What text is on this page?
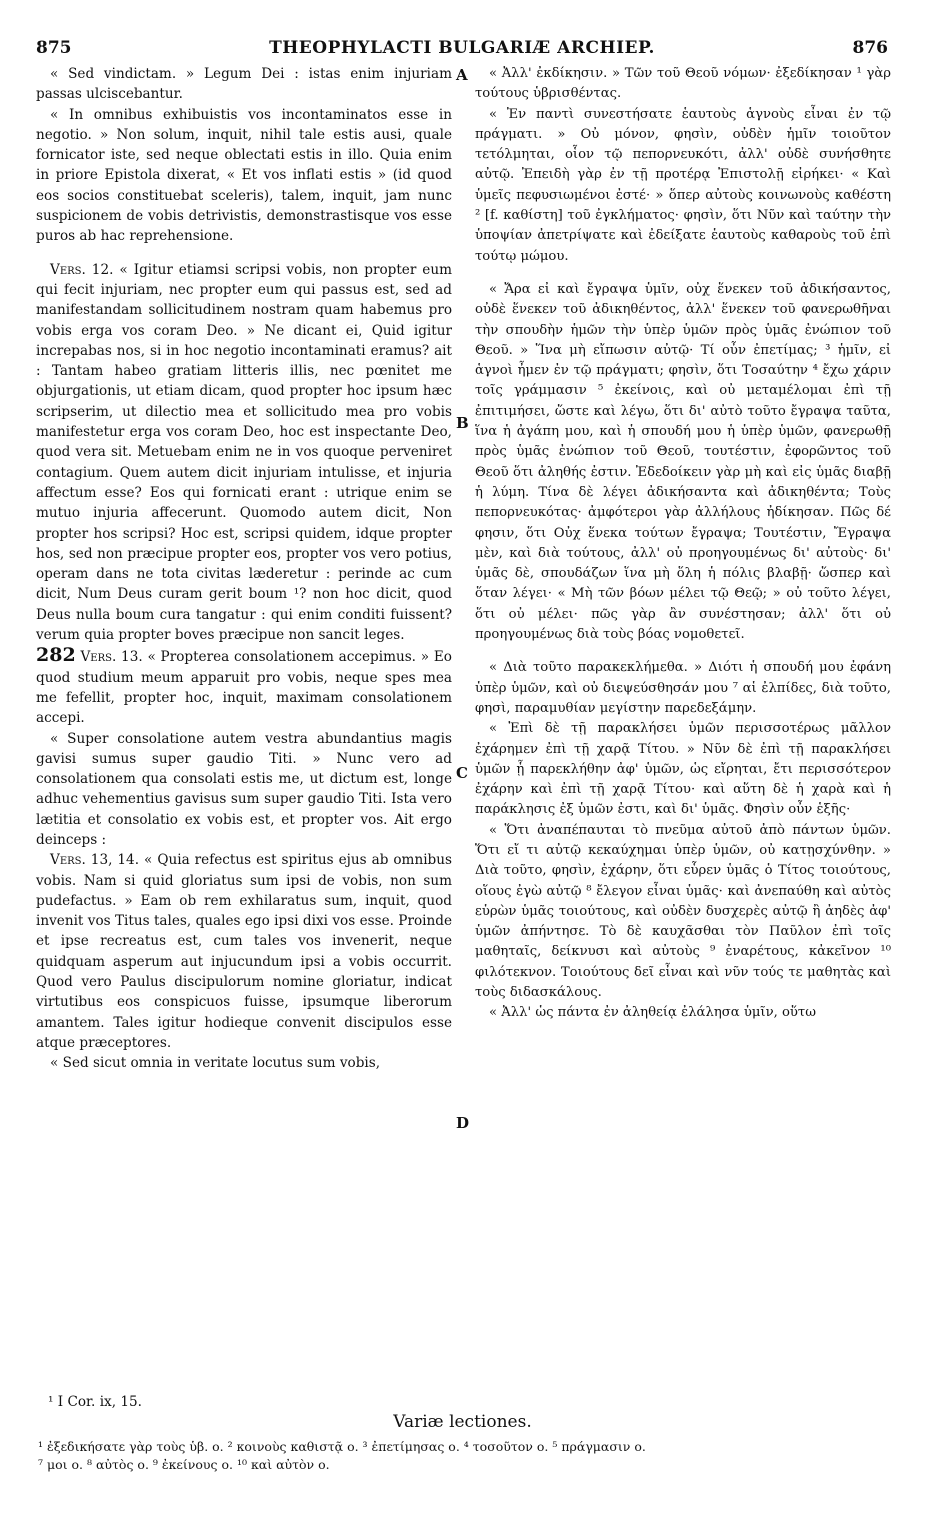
875	THEOPHYLACTI BULGARIÆ ARCHIEP.	876
A
B
C
D

« Sed vindictam. » Legum Dei : istas enim injuriam passas ulciscebantur.

« In omnibus exhibuistis vos incontaminatos esse in negotio. » Non solum, inquit, nihil tale estis ausi, quale fornicator iste, sed neque oblectati estis in illo. Quia enim in priore Epistola dixerat, « Et vos inflati estis » (id quod eos socios constituebat sceleris), talem, inquit, jam nunc suspicionem de vobis detrivistis, demonstrastisque vos esse puros ab hac reprehensione.

Vers. 12. « Igitur etiamsi scripsi vobis, non propter eum qui fecit injuriam, nec propter eum qui passus est, sed ad manifestandam sollicitudinem nostram quam habemus pro vobis erga vos coram Deo. » Ne dicant ei, Quid igitur increpabas nos, si in hoc negotio incontaminati eramus? ait : Tantam habeo gratiam litteris illis, nec pœnitet me objurgationis, ut etiam dicam, quod propter hoc ipsum hæc scripserim, ut dilectio mea et sollicitudo mea pro vobis manifestetur erga vos coram Deo, hoc est inspectante Deo, quod vera sit. Metuebam enim ne in vos quoque perveniret contagium. Quem autem dicit injuriam intulisse, et injuria affectum esse? Eos qui fornicati erant : utrique enim se mutuo injuria affecerunt. Quomodo autem dicit, Non propter hos scripsi? Hoc est, scripsi quidem, idque propter hos, sed non præcipue propter eos, propter vos vero potius, operam dans ne tota civitas læderetur : perinde ac cum dicit, Num Deus curam gerit boum ¹? non hoc dicit, quod Deus nulla boum cura tangatur : qui enim conditi fuissent? verum quia propter boves præcipue non sancit leges.

282 Vers. 13. « Propterea consolationem accepimus. » Eo quod studium meum apparuit pro vobis, neque spes mea me fefellit, propter hoc, inquit, maximam consolationem accepi.

« Super consolatione autem vestra abundantius magis gavisi sumus super gaudio Titi. » Nunc vero ad consolationem qua consolati estis me, ut dictum est, longe adhuc vehementius gavisus sum super gaudio Titi. Ista vero lætitia et consolatio ex vobis est, et propter vos. Ait ergo deinceps :

Vers. 13, 14. « Quia refectus est spiritus ejus ab omnibus vobis. Nam si quid gloriatus sum ipsi de vobis, non sum pudefactus. » Eam ob rem exhilaratus sum, inquit, quod invenit vos Titus tales, quales ego ipsi dixi vos esse. Proinde et ipse recreatus est, cum tales vos invenerit, neque quidquam asperum aut injucundum ipsi a vobis occurrit. Quod vero Paulus discipulorum nomine gloriatur, indicat virtutibus eos conspicuos fuisse, ipsumque liberorum amantem. Tales igitur hodieque convenit discipulos esse atque præceptores.

« Sed sicut omnia in veritate locutus sum vobis,

« Ἀλλ' ἐκδίκησιν. » Τῶν τοῦ Θεοῦ νόμων· ἐξεδίκησαν ¹ γὰρ τούτους ὑβρισθέντας.

« Ἐν παντὶ συνεστήσατε ἑαυτοὺς ἁγνοὺς εἶναι ἐν τῷ πράγματι. » Οὐ μόνον, φησὶν, οὐδὲν ἡμῖν τοιοῦτον τετόλμηται, οἷον τῷ πεπορνευκότι, ἀλλ' οὐδὲ συνήσθητε αὐτῷ. Ἐπειδὴ γὰρ ἐν τῇ προτέρᾳ Ἐπιστολῇ εἰρήκει· « Καὶ ὑμεῖς πεφυσιωμένοι ἐστέ· » ὅπερ αὐτοὺς κοινωνοὺς καθέστη ² [f. καθίστη] τοῦ ἐγκλήματος· φησὶν, ὅτι Νῦν καὶ ταύτην τὴν ὑποψίαν ἀπετρίψατε καὶ ἐδείξατε ἑαυτοὺς καθαροὺς τοῦ ἐπὶ τούτῳ μώμου.

« Ἄρα εἰ καὶ ἔγραψα ὑμῖν, οὐχ ἕνεκεν τοῦ ἀδικήσαντος, οὐδὲ ἕνεκεν τοῦ ἀδικηθέντος, ἀλλ' ἕνεκεν τοῦ φανερωθῆναι τὴν σπουδὴν ἡμῶν τὴν ὑπὲρ ὑμῶν πρὸς ὑμᾶς ἐνώπιον τοῦ Θεοῦ. » Ἵνα μὴ εἴπωσιν αὐτῷ· Τί οὖν ἐπετίμας; ³ ἡμῖν, εἰ ἁγνοὶ ἦμεν ἐν τῷ πράγματι; φησὶν, ὅτι Τοσαύτην ⁴ ἔχω χάριν τοῖς γράμμασιν ⁵ ἐκείνοις, καὶ οὐ μεταμέλομαι ἐπὶ τῇ ἐπιτιμήσει, ὥστε καὶ λέγω, ὅτι δι' αὐτὸ τοῦτο ἔγραψα ταῦτα, ἵνα ἡ ἀγάπη μου, καὶ ἡ σπουδή μου ἡ ὑπὲρ ὑμῶν, φανερωθῇ πρὸς ὑμᾶς ἐνώπιον τοῦ Θεοῦ, τουτέστιν, ἐφορῶντος τοῦ Θεοῦ ὅτι ἀληθής ἐστιν. Ἐδεδοίκειν γὰρ μὴ καὶ εἰς ὑμᾶς διαβῇ ἡ λύμη. Τίνα δὲ λέγει ἀδικήσαντα καὶ ἀδικηθέντα; Τοὺς πεπορνευκότας· ἀμφότεροι γὰρ ἀλλήλους ἠδίκησαν. Πῶς δέ φησιν, ὅτι Οὐχ ἕνεκα τούτων ἔγραψα; Τουτέστιν, Ἔγραψα μὲν, καὶ διὰ τούτους, ἀλλ' οὐ προηγουμένως δι' αὐτοὺς· δι' ὑμᾶς δὲ, σπουδάζων ἵνα μὴ ὅλη ἡ πόλις βλαβῇ· ὥσπερ καὶ ὅταν λέγει· « Μὴ τῶν βόων μέλει τῷ Θεῷ; » οὐ τοῦτο λέγει, ὅτι οὐ μέλει· πῶς γὰρ ἂν συνέστησαν; ἀλλ' ὅτι οὐ προηγουμένως διὰ τοὺς βόας νομοθετεῖ.

« Διὰ τοῦτο παρακεκλήμεθα. » Διότι ἡ σπουδή μου ἐφάνη ὑπὲρ ὑμῶν, καὶ οὐ διεψεύσθησάν μου ⁷ αἱ ἐλπίδες, διὰ τοῦτο, φησὶ, παραμυθίαν μεγίστην παρεδεξάμην.

« Ἐπὶ δὲ τῇ παρακλήσει ὑμῶν περισσοτέρως μᾶλλον ἐχάρημεν ἐπὶ τῇ χαρᾷ Τίτου. » Νῦν δὲ ἐπὶ τῇ παρακλήσει ὑμῶν ᾗ παρεκλήθην ἀφ' ὑμῶν, ὡς εἴρηται, ἔτι περισσότερον ἐχάρην καὶ ἐπὶ τῇ χαρᾷ Τίτου· καὶ αὕτη δὲ ἡ χαρὰ καὶ ἡ παράκλησις ἐξ ὑμῶν ἐστι, καὶ δι' ὑμᾶς. Φησὶν οὖν ἑξῆς·

« Ὅτι ἀναπέπαυται τὸ πνεῦμα αὐτοῦ ἀπὸ πάντων ὑμῶν. Ὅτι εἴ τι αὐτῷ κεκαύχημαι ὑπὲρ ὑμῶν, οὐ κατῃσχύνθην. » Διὰ τοῦτο, φησὶν, ἐχάρην, ὅτι εὗρεν ὑμᾶς ὁ Τίτος τοιούτους, οἵους ἐγὼ αὐτῷ ⁸ ἔλεγον εἶναι ὑμᾶς· καὶ ἀνεπαύθη καὶ αὐτὸς εὑρὼν ὑμᾶς τοιούτους, καὶ οὐδὲν δυσχερὲς αὐτῷ ἢ ἀηδὲς ἀφ' ὑμῶν ἀπήντησε. Τὸ δὲ καυχᾶσθαι τὸν Παῦλον ἐπὶ τοῖς μαθηταῖς, δείκνυσι καὶ αὐτοὺς ⁹ ἐναρέτους, κἀκεῖνον ¹⁰ φιλότεκνον. Τοιούτους δεῖ εἶναι καὶ νῦν τούς τε μαθητὰς καὶ τοὺς διδασκάλους.

« Ἀλλ' ὡς πάντα ἐν ἀληθείᾳ ἐλάλησα ὑμῖν, οὕτω

¹ I Cor. ix, 15.
Variæ lectiones.
¹ ἐξεδικήσατε γὰρ τοὺς ὑβ. ο. ² κοινοὺς καθιστᾷ ο. ³ ἐπετίμησας ο. ⁴ τοσοῦτον ο. ⁵ πράγμασιν ο.
⁷ μοι ο. ⁸ αὐτὸς ο. ⁹ ἐκείνους ο. ¹⁰ καὶ αὐτὸν ο.
